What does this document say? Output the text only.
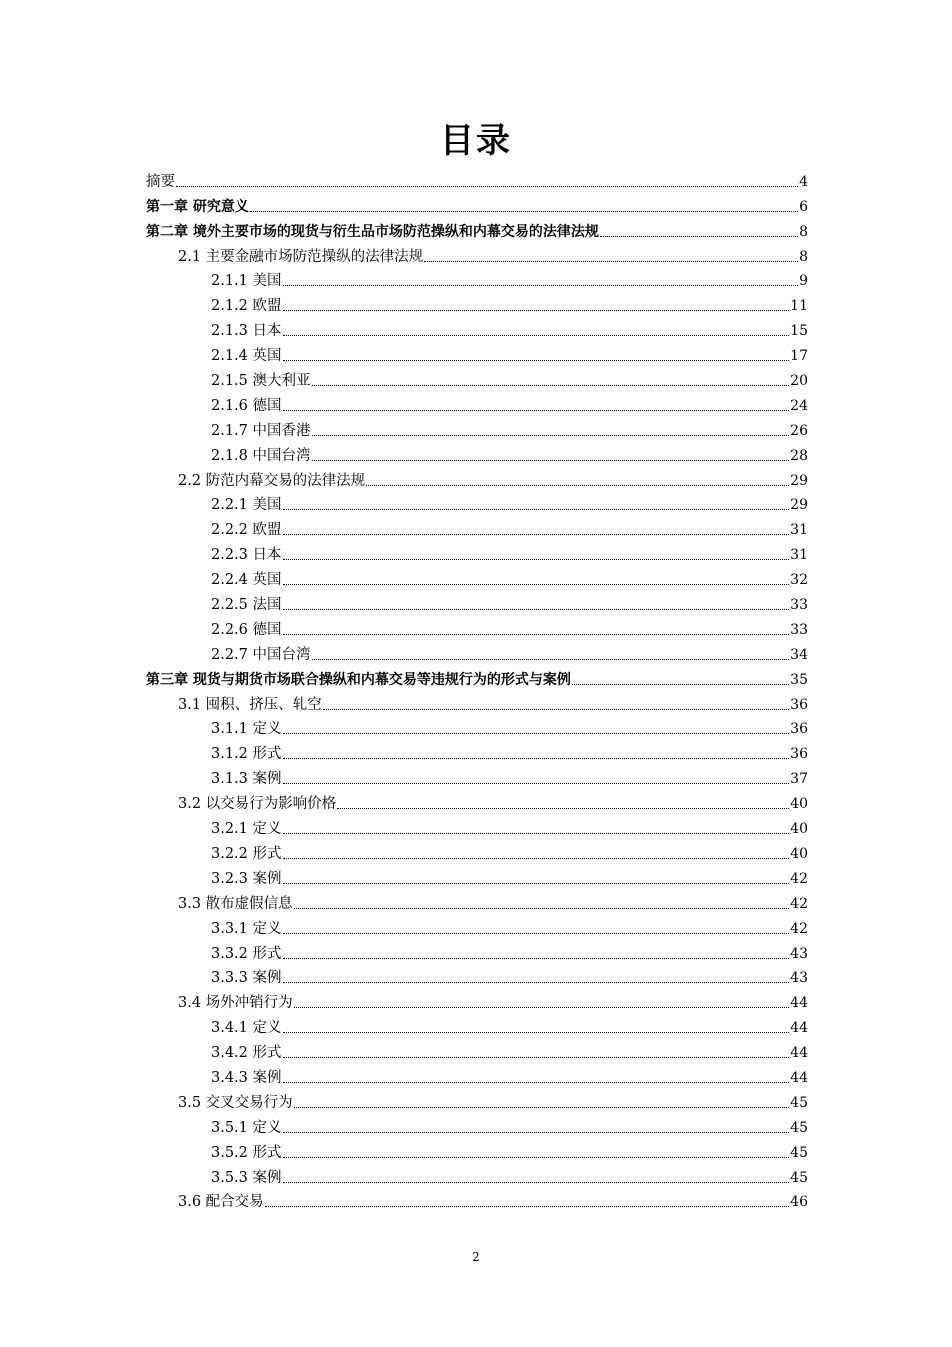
目录
摘要	4
第一章 研究意义	6
第二章 境外主要市场的现货与衍生品市场防范操纵和内幕交易的法律法规	8
2.1 主要金融市场防范操纵的法律法规	8
2.1.1 美国	9
2.1.2 欧盟	11
2.1.3 日本	15
2.1.4 英国	17
2.1.5 澳大利亚	20
2.1.6 德国	24
2.1.7 中国香港	26
2.1.8 中国台湾	28
2.2 防范内幕交易的法律法规	29
2.2.1 美国	29
2.2.2 欧盟	31
2.2.3 日本	31
2.2.4 英国	32
2.2.5 法国	33
2.2.6 德国	33
2.2.7 中国台湾	34
第三章 现货与期货市场联合操纵和内幕交易等违规行为的形式与案例	35
3.1 囤积、挤压、轧空	36
3.1.1 定义	36
3.1.2 形式	36
3.1.3 案例	37
3.2 以交易行为影响价格	40
3.2.1 定义	40
3.2.2 形式	40
3.2.3 案例	42
3.3 散布虚假信息	42
3.3.1 定义	42
3.3.2 形式	43
3.3.3 案例	43
3.4 场外冲销行为	44
3.4.1 定义	44
3.4.2 形式	44
3.4.3 案例	44
3.5 交叉交易行为	45
3.5.1 定义	45
3.5.2 形式	45
3.5.3 案例	45
3.6 配合交易	46
2
